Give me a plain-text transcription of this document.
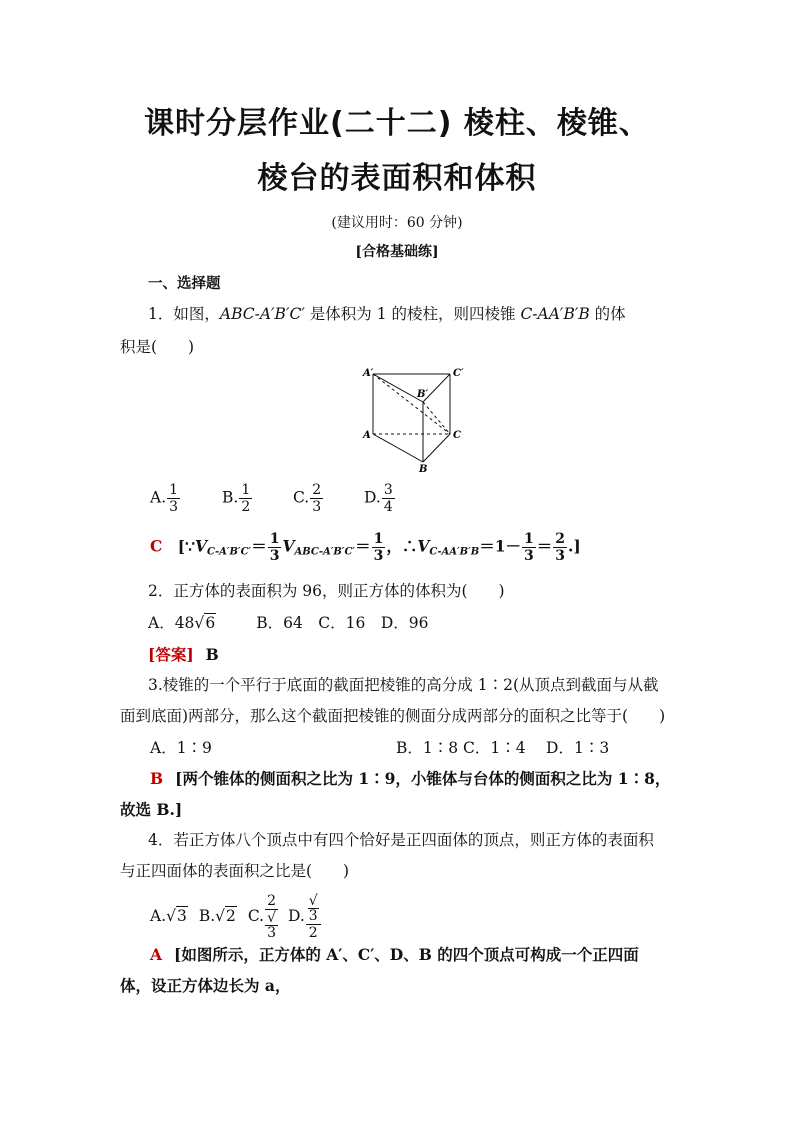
课时分层作业(二十二) 棱柱、棱锥、
棱台的表面积和体积
(建议用时：60 分钟)
[合格基础练]
一、选择题
1．如图，ABC-A′B′C′ 是体积为 1 的棱柱，则四棱锥 C-AA′B′B 的体
积是(　　)
A′
B′
C′
A
B
C
A. $\frac{1}{3}$	B. $\frac{1}{2}$	C. $\frac{2}{3}$	D. $\frac{3}{4}$
C [$\because V_{C-A'B'C'}= \frac{1}{3} V_{ABC-A'B'C'}= \frac{1}{3}$ ，$\therefore V_{C-AA'B'B}=1- \frac{1}{3} = \frac{2}{3}$ .]
2．正方体的表面积为 96，则正方体的体积为(　　)
A．48√6	B．64　C．16　D．96
[答案] B
3.棱锥的一个平行于底面的截面把棱锥的高分成 1∶2(从顶点到截面与从截
面到底面)两部分，那么这个截面把棱锥的侧面分成两部分的面积之比等于(　　)
A．1∶9	B．1∶8 C．1∶4　 D．1∶3
B [两个锥体的侧面积之比为 1∶9，小锥体与台体的侧面积之比为 1∶8，
故选 B.]
4．若正方体八个顶点中有四个恰好是正四面体的顶点，则正方体的表面积
与正四面体的表面积之比是(　　)
A.√3 B.√2 C. 2
√
3 D. √
3
2
A [如图所示，正方体的 A′、C′、D、B 的四个顶点可构成一个正四面
体，设正方体边长为 a，
